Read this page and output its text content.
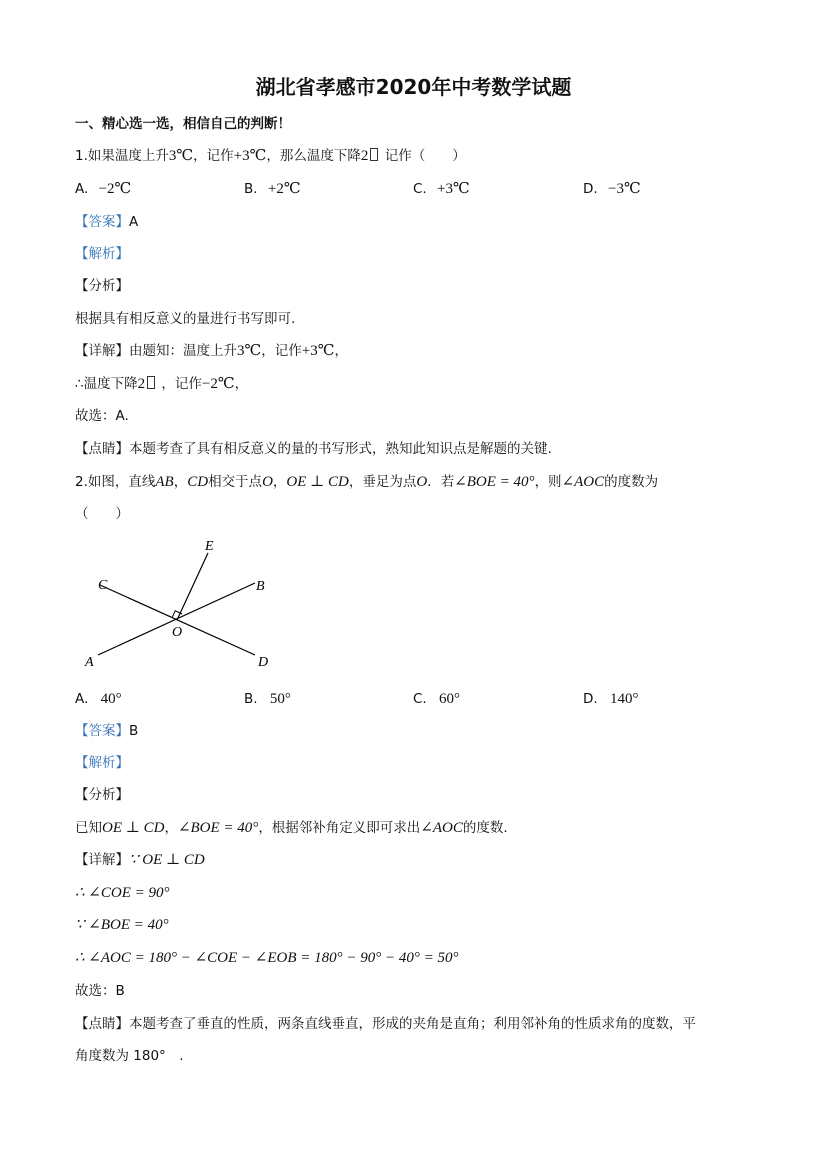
湖北省孝感市2020年中考数学试题
一、精心选一选，相信自己的判断！
1.如果温度上升3℃，记作+3℃，那么温度下降2 记作（　　）
A. −2℃	B. +2℃	C. +3℃	D. −3℃
【答案】A
【解析】
【分析】
根据具有相反意义的量进行书写即可.
【详解】由题知：温度上升3℃，记作+3℃，
∴温度下降2 ，记作−2℃，
故选：A.
【点睛】本题考查了具有相反意义的量的书写形式，熟知此知识点是解题的关键.
2.如图，直线AB，CD相交于点O，OE ⊥ CD，垂足为点O．若∠BOE = 40°，则∠AOC的度数为
（　　）
E
C	B
O
A	D
A. 40°	B. 50°	C. 60°	D. 140°
【答案】B
【解析】
【分析】
已知OE ⊥ CD，∠BOE = 40°，根据邻补角定义即可求出∠AOC的度数.
【详解】∵ OE ⊥ CD
∴ ∠COE = 90°
∵ ∠BOE = 40°
∴ ∠AOC = 180° − ∠COE − ∠EOB = 180° − 90° − 40° = 50°
故选：B
【点睛】本题考查了垂直的性质，两条直线垂直，形成的夹角是直角；利用邻补角的性质求角的度数，平
角度数为 180°　.
